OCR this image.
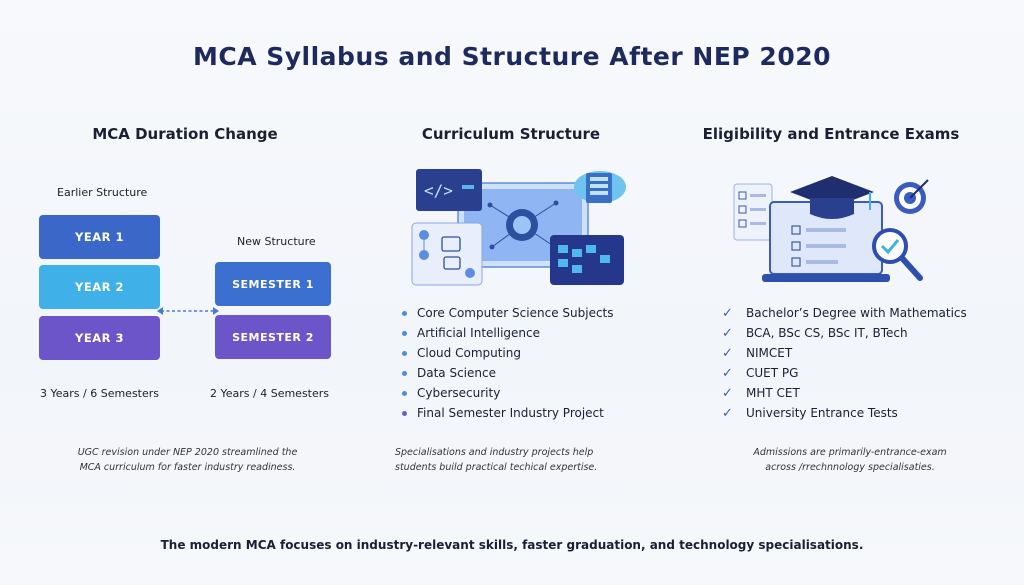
MCA Syllabus and Structure After NEP 2020
MCA Duration Change
Earlier Structure
New Structure
YEAR 1
YEAR 2
YEAR 3
SEMESTER 1
SEMESTER 2
3 Years / 6 Semesters	2 Years / 4 Semesters
UGC revision under NEP 2020 streamlined the
MCA curriculum for faster industry readiness.
Curriculum Structure
</>
Core Computer Science Subjects
Artificial Intelligence
Cloud Computing
Data Science
Cybersecurity
Final Semester Industry Project
Specialisations and industry projects help
students build practical techical expertise.
Eligibility and Entrance Exams
✓	Bachelor’s Degree with Mathematics
✓	BCA, BSc CS, BSc IT, BTech
✓	NIMCET
✓	CUET PG
✓	MHT CET
✓	University Entrance Tests
Admissions are primarily-entrance-exam
across /rrechnnology specialisaties.
The modern MCA focuses on industry-relevant skills, faster graduation, and technology specialisations.
